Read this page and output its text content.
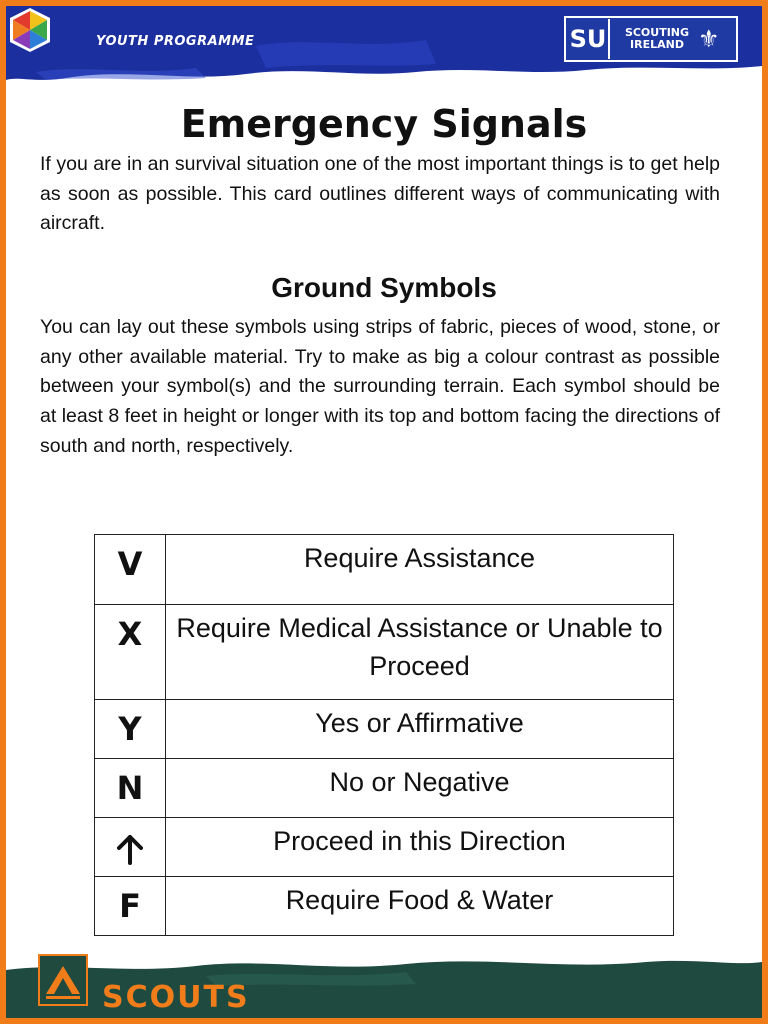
YOUTH PROGRAMME	SU	SCOUTING
IRELAND ⚜
Emergency Signals
If you are in an survival situation one of the most important things is to get help as soon as possible. This card outlines different ways of communicating with aircraft.
Ground Symbols
You can lay out these symbols using strips of fabric, pieces of wood, stone, or any other available material. Try to make as big a colour contrast as possible between your symbol(s) and the surrounding terrain. Each symbol should be at least 8 feet in height or longer with its top and bottom facing the directions of south and north, respectively.
V	Require Assistance
X	Require Medical Assistance or Unable to Proceed
Y	Yes or Affirmative
N	No or Negative
	Proceed in this Direction
F	Require Food & Water
SCOUTS
